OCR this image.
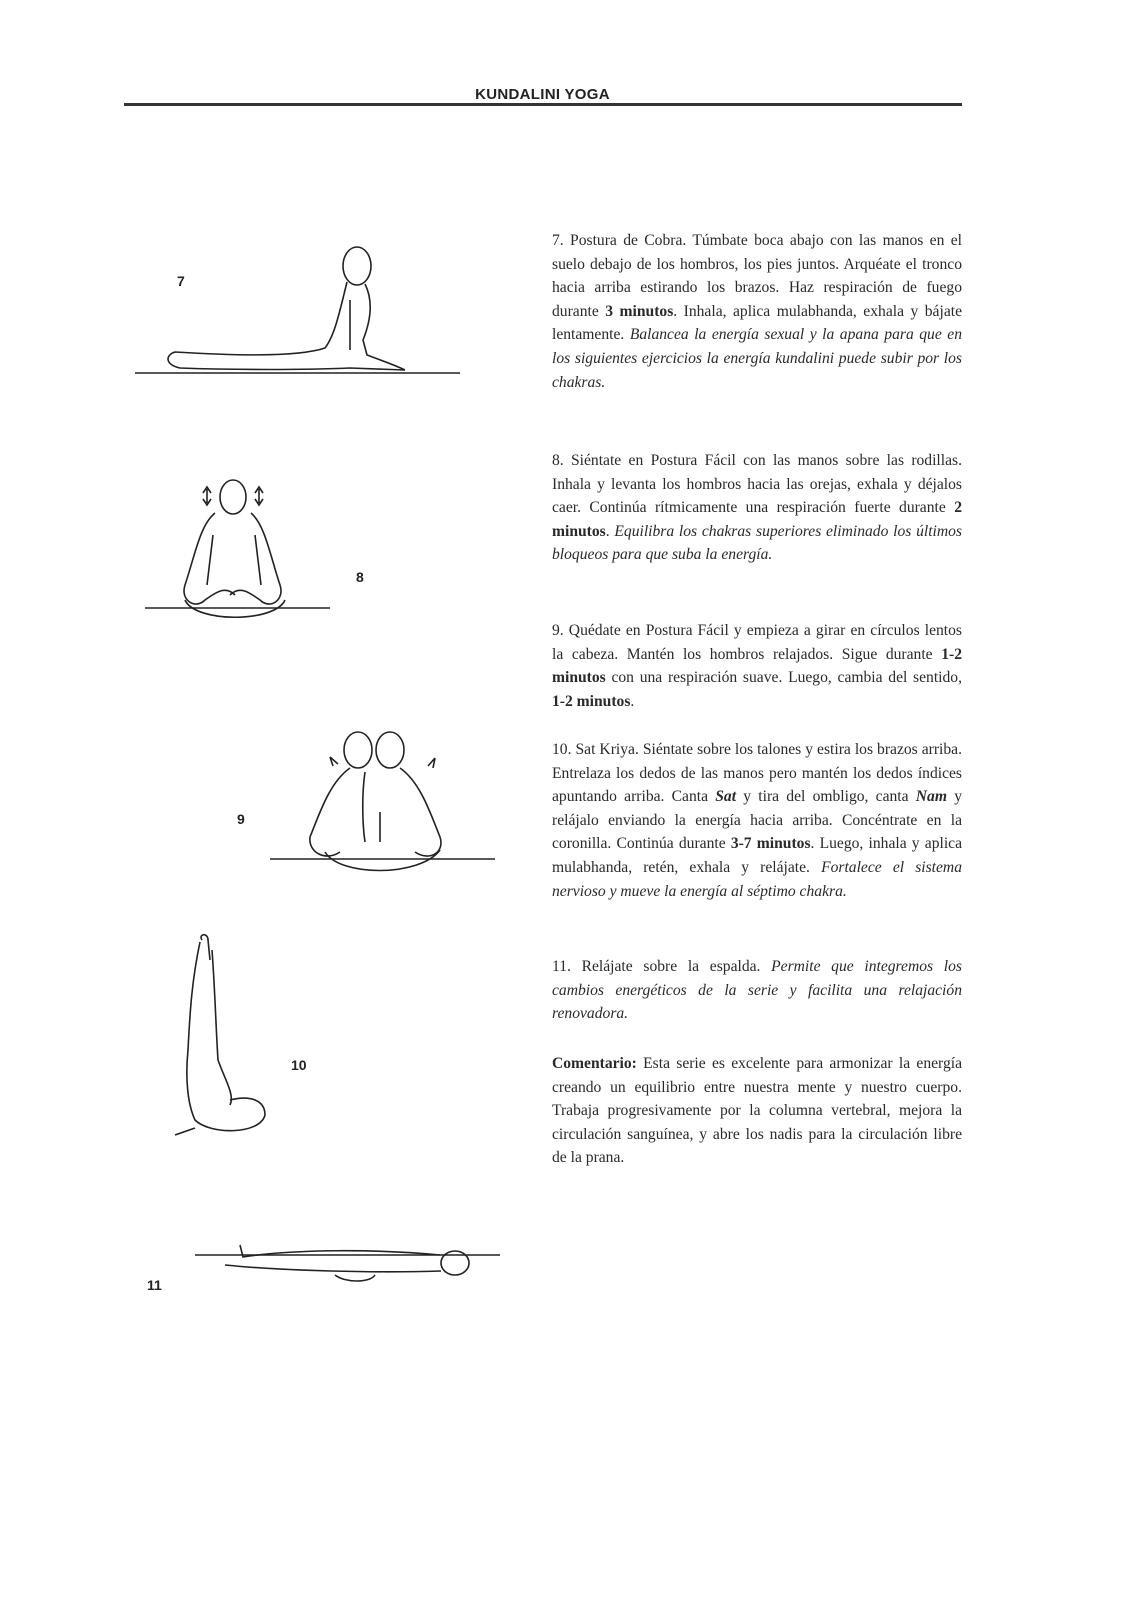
KUNDALINI YOGA
7
7. Postura de Cobra. Túmbate boca abajo con las manos en el suelo debajo de los hombros, los pies juntos. Arquéate el tronco hacia arriba estirando los brazos. Haz respiración de fuego durante 3 minutos. Inhala, aplica mulabhanda, exhala y bájate lentamente. Balancea la energía sexual y la apana para que en los siguientes ejercicios la energía kundalini puede subir por los chakras.
8
8. Siéntate en Postura Fácil con las manos sobre las rodillas. Inhala y levanta los hombros hacia las orejas, exhala y déjalos caer. Continúa rítmicamente una respiración fuerte durante 2 minutos. Equilibra los chakras superiores eliminado los últimos bloqueos para que suba la energía.
9
9. Quédate en Postura Fácil y empieza a girar en círculos lentos la cabeza. Mantén los hombros relajados. Sigue durante 1-2 minutos con una respiración suave. Luego, cambia del sentido, 1-2 minutos.
10
10. Sat Kriya. Siéntate sobre los talones y estira los brazos arriba. Entrelaza los dedos de las manos pero mantén los dedos índices apuntando arriba. Canta Sat y tira del ombligo, canta Nam y relájalo enviando la energía hacia arriba. Concéntrate en la coronilla. Continúa durante 3-7 minutos. Luego, inhala y aplica mulabhanda, retén, exhala y relájate. Fortalece el sistema nervioso y mueve la energía al séptimo chakra.
11. Relájate sobre la espalda. Permite que integremos los cambios energéticos de la serie y facilita una relajación renovadora.
Comentario: Esta serie es excelente para armonizar la energía creando un equilibrio entre nuestra mente y nuestro cuerpo. Trabaja progresivamente por la columna vertebral, mejora la circulación sanguínea, y abre los nadis para la circulación libre de la prana.
11
